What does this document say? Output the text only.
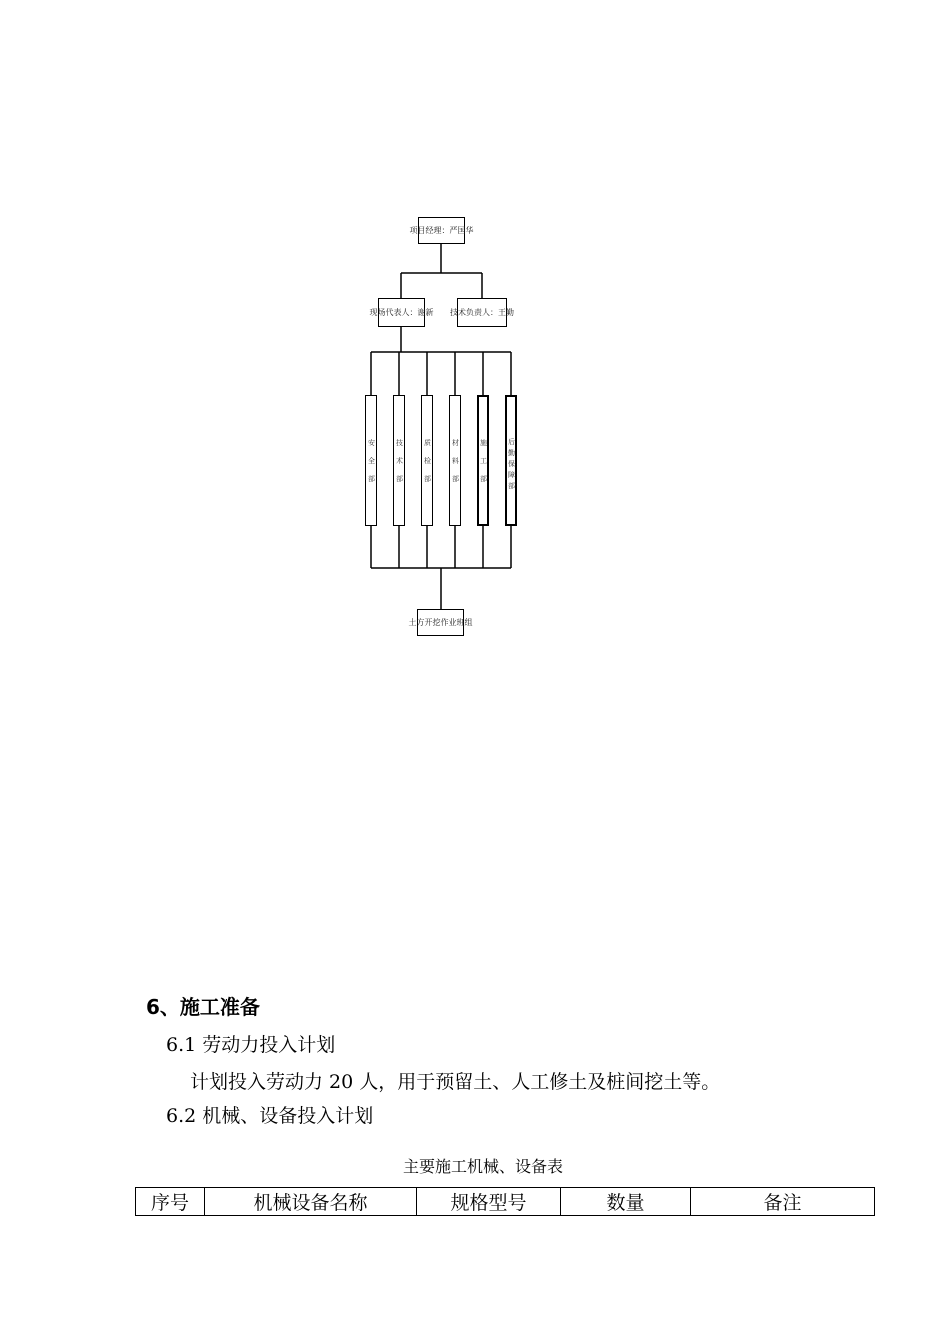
项目经理：严国华
现场代表人：谢新 技术负责人：王勤
安全部	技术部	质检部	材料部	施工部	后勤保障部
土方开挖作业班组
6、施工准备
6.1 劳动力投入计划
计划投入劳动力 20 人，用于预留土、人工修土及桩间挖土等。
6.2 机械、设备投入计划
主要施工机械、设备表
序号	机械设备名称	规格型号	数量	备注
